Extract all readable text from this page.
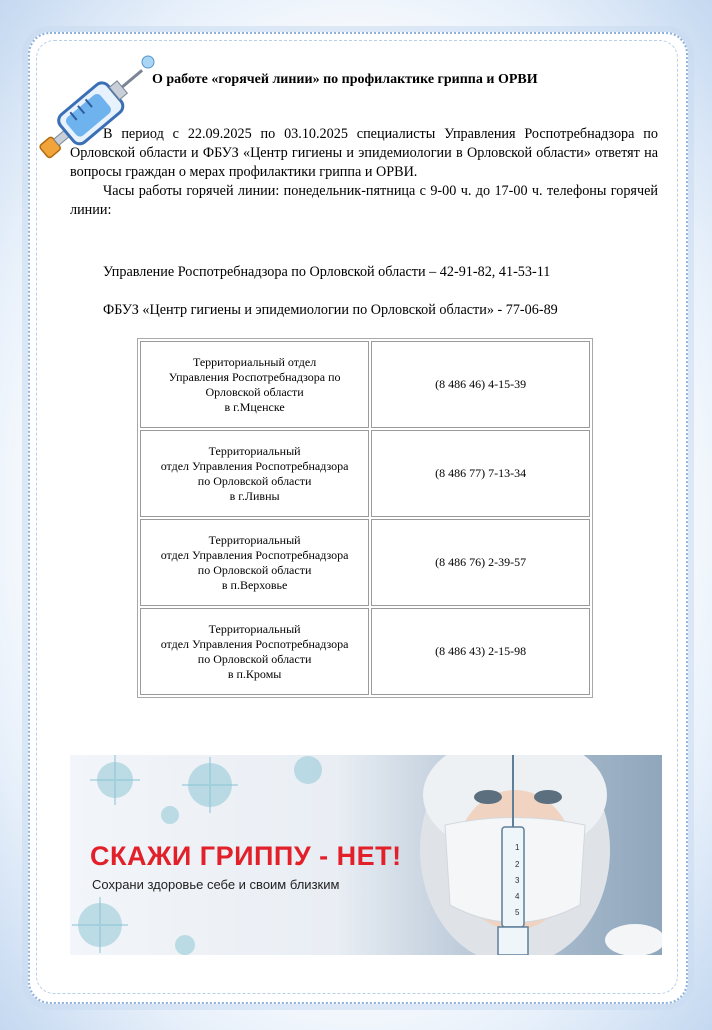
О работе «горячей линии» по профилактике гриппа и ОРВИ

В период с 22.09.2025 по 03.10.2025 специалисты Управления Роспотребнадзора по Орловской области и ФБУЗ «Центр гигиены и эпидемиологии в Орловской области» ответят на вопросы граждан о мерах профилактики гриппа и ОРВИ.

Часы работы горячей линии: понедельник-пятница с 9-00 ч. до 17-00 ч. телефоны горячей линии:

Управление Роспотребнадзора по Орловской области – 42-91-82, 41-53-11
ФБУЗ «Центр гигиены и эпидемиологии по Орловской области» - 77-06-89
Территориальный отдел
Управления Роспотребнадзора по
Орловской области
в г.Мценске	(8 486 46) 4-15-39

Территориальный
отдел Управления Роспотребнадзора
по Орловской области
в г.Ливны	(8 486 77) 7-13-34

Территориальный
отдел Управления Роспотребнадзора
по Орловской области
в п.Верховье	(8 486 76) 2-39-57

Территориальный
отдел Управления Роспотребнадзора
по Орловской области
в п.Кромы	(8 486 43) 2-15-98
1
2
3
4
5
СКАЖИ ГРИППУ - НЕТ!
Сохрани здоровье себе и своим близким
